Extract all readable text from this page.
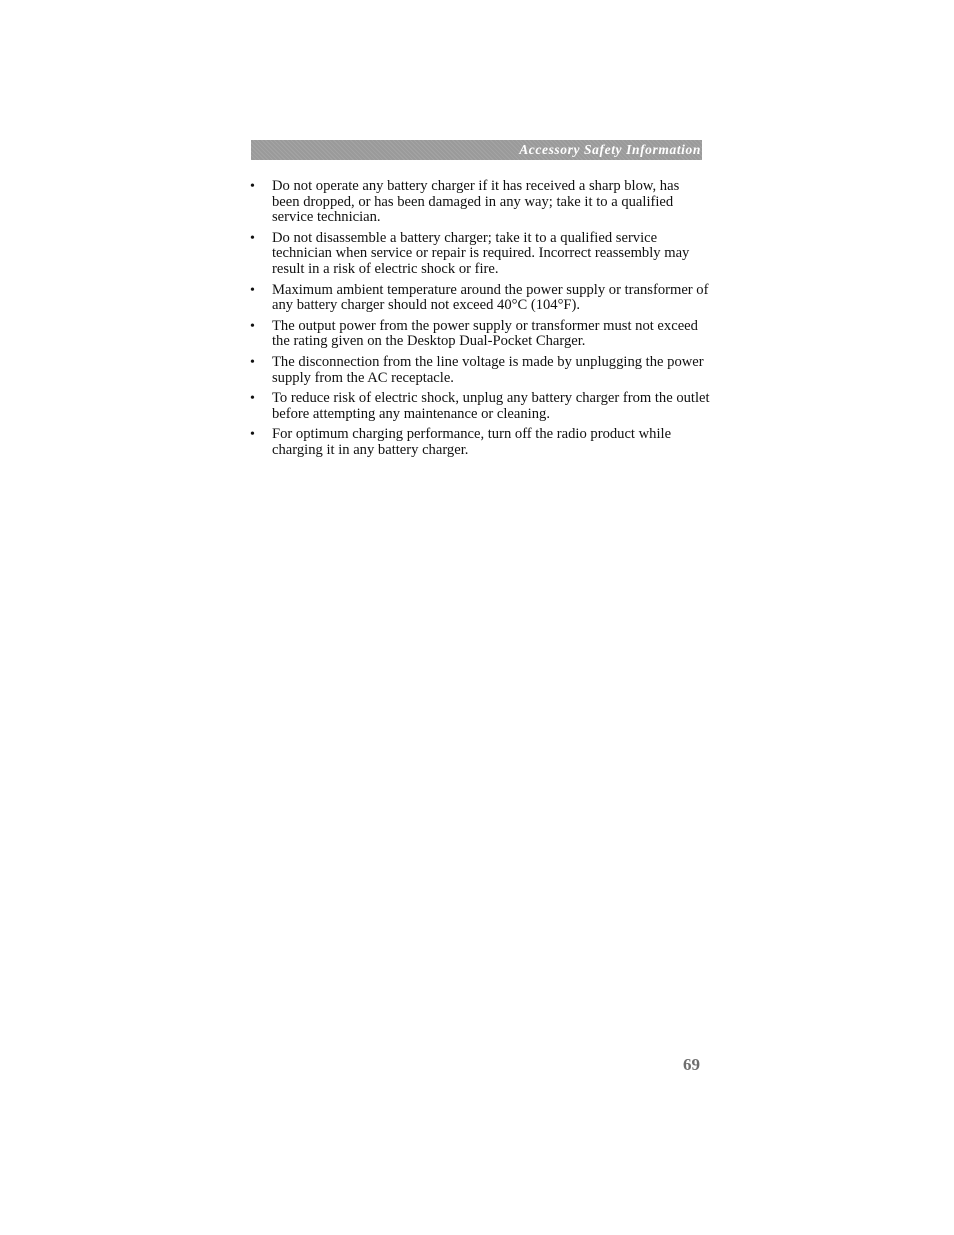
Accessory Safety Information
• Do not operate any battery charger if it has received a sharp blow, has been dropped, or has been damaged in any way; take it to a qualified service technician.
• Do not disassemble a battery charger; take it to a qualified service technician when service or repair is required. Incorrect reassembly may result in a risk of electric shock or fire.
• Maximum ambient temperature around the power supply or transformer of any battery charger should not exceed 40°C (104°F).
• The output power from the power supply or transformer must not exceed the rating given on the Desktop Dual-Pocket Charger.
• The disconnection from the line voltage is made by unplugging the power supply from the AC receptacle.
• To reduce risk of electric shock, unplug any battery charger from the outlet before attempting any maintenance or cleaning.
• For optimum charging performance, turn off the radio product while charging it in any battery charger.
69
